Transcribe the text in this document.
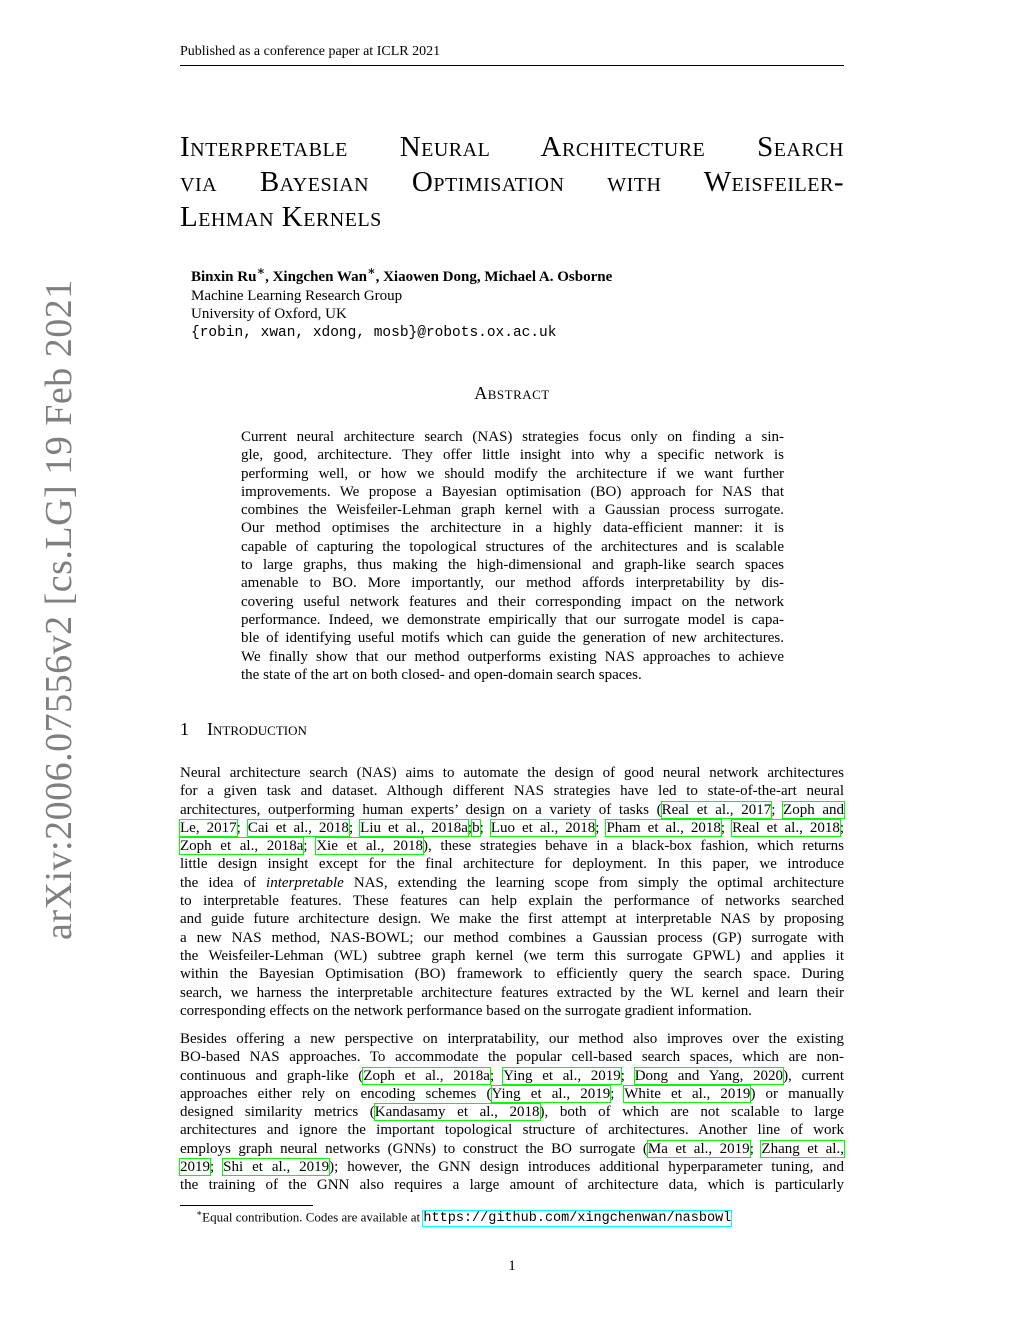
Published as a conference paper at ICLR 2021
arXiv:2006.07556v2 [cs.LG] 19 Feb 2021
Interpretable Neural Architecture Search
via Bayesian Optimisation with Weisfeiler-
Lehman Kernels
Binxin Ru∗, Xingchen Wan∗, Xiaowen Dong, Michael A. Osborne
Machine Learning Research Group
University of Oxford, UK
{robin, xwan, xdong, mosb}@robots.ox.ac.uk
Abstract
Current neural architecture search (NAS) strategies focus only on finding a sin-
gle, good, architecture. They offer little insight into why a specific network is
performing well, or how we should modify the architecture if we want further
improvements. We propose a Bayesian optimisation (BO) approach for NAS that
combines the Weisfeiler-Lehman graph kernel with a Gaussian process surrogate.
Our method optimises the architecture in a highly data-efficient manner: it is
capable of capturing the topological structures of the architectures and is scalable
to large graphs, thus making the high-dimensional and graph-like search spaces
amenable to BO. More importantly, our method affords interpretability by dis-
covering useful network features and their corresponding impact on the network
performance. Indeed, we demonstrate empirically that our surrogate model is capa-
ble of identifying useful motifs which can guide the generation of new architectures.
We finally show that our method outperforms existing NAS approaches to achieve
the state of the art on both closed- and open-domain search spaces.
1 Introduction
Neural architecture search (NAS) aims to automate the design of good neural network architectures
for a given task and dataset. Although different NAS strategies have led to state-of-the-art neural
architectures, outperforming human experts’ design on a variety of tasks (Real et al., 2017; Zoph and
Le, 2017; Cai et al., 2018; Liu et al., 2018a;b; Luo et al., 2018; Pham et al., 2018; Real et al., 2018;
Zoph et al., 2018a; Xie et al., 2018), these strategies behave in a black-box fashion, which returns
little design insight except for the final architecture for deployment. In this paper, we introduce
the idea of interpretable NAS, extending the learning scope from simply the optimal architecture
to interpretable features. These features can help explain the performance of networks searched
and guide future architecture design. We make the first attempt at interpretable NAS by proposing
a new NAS method, NAS-BOWL; our method combines a Gaussian process (GP) surrogate with
the Weisfeiler-Lehman (WL) subtree graph kernel (we term this surrogate GPWL) and applies it
within the Bayesian Optimisation (BO) framework to efficiently query the search space. During
search, we harness the interpretable architecture features extracted by the WL kernel and learn their
corresponding effects on the network performance based on the surrogate gradient information.
Besides offering a new perspective on interpratability, our method also improves over the existing
BO-based NAS approaches. To accommodate the popular cell-based search spaces, which are non-
continuous and graph-like (Zoph et al., 2018a; Ying et al., 2019; Dong and Yang, 2020), current
approaches either rely on encoding schemes (Ying et al., 2019; White et al., 2019) or manually
designed similarity metrics (Kandasamy et al., 2018), both of which are not scalable to large
architectures and ignore the important topological structure of architectures. Another line of work
employs graph neural networks (GNNs) to construct the BO surrogate (Ma et al., 2019; Zhang et al.,
2019; Shi et al., 2019); however, the GNN design introduces additional hyperparameter tuning, and
the training of the GNN also requires a large amount of architecture data, which is particularly
∗Equal contribution. Codes are available at https://github.com/xingchenwan/nasbowl
1
